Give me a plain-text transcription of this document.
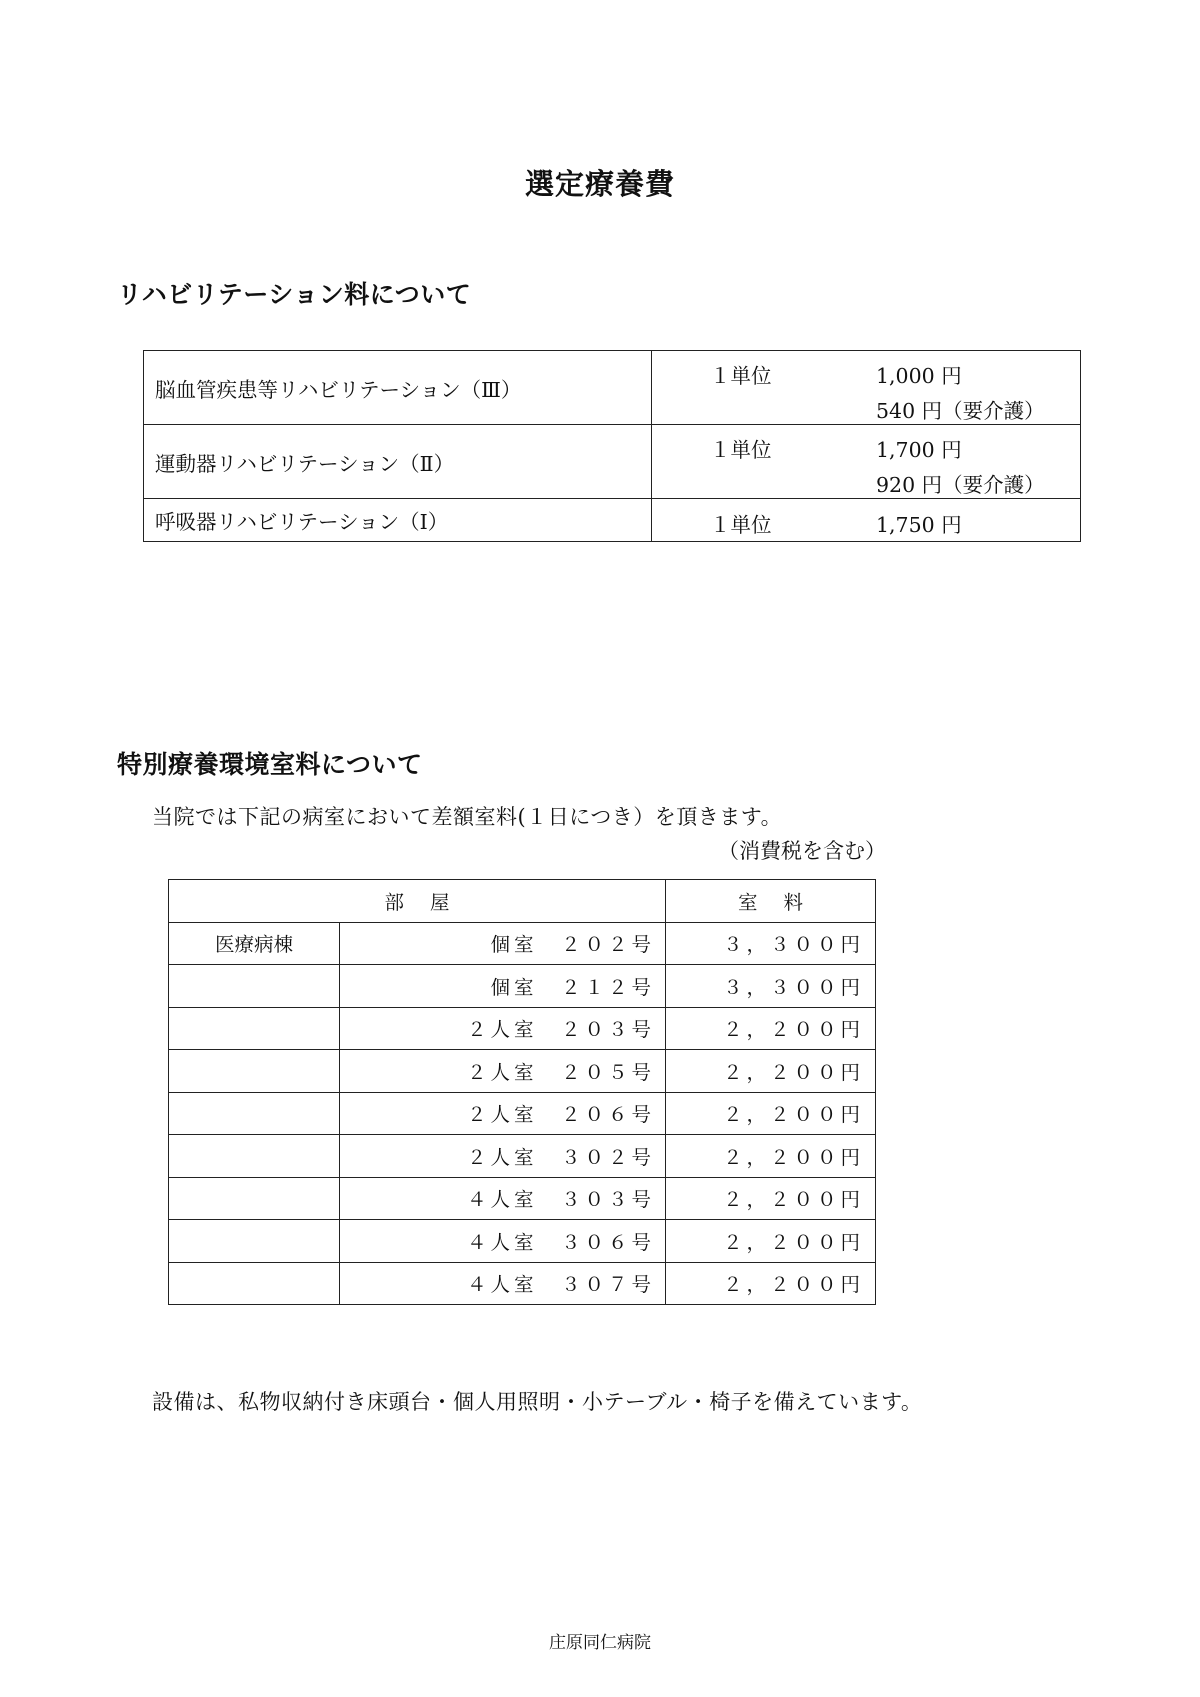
選定療養費
リハビリテーション料について
脳血管疾患等リハビリテーション（Ⅲ）	１単位 1,000 円
540 円（要介護）

運動器リハビリテーション（Ⅱ）	１単位 1,700 円
920 円（要介護）

呼吸器リハビリテーション（Ⅰ）	１単位 1,750 円
特別療養環境室料について
当院では下記の病室において差額室料(１日につき）を頂きます。
（消費税を含む）
部屋		室料
医療病棟	個室　２０２号	３，３００円
	個室　２１２号	３，３００円
	２人室　２０３号	２，２００円
	２人室　２０５号	２，２００円
	２人室　２０６号	２，２００円
	２人室　３０２号	２，２００円
	４人室　３０３号	２，２００円
	４人室　３０６号	２，２００円
	４人室　３０７号	２，２００円
設備は、私物収納付き床頭台・個人用照明・小テーブル・椅子を備えています。
庄原同仁病院
